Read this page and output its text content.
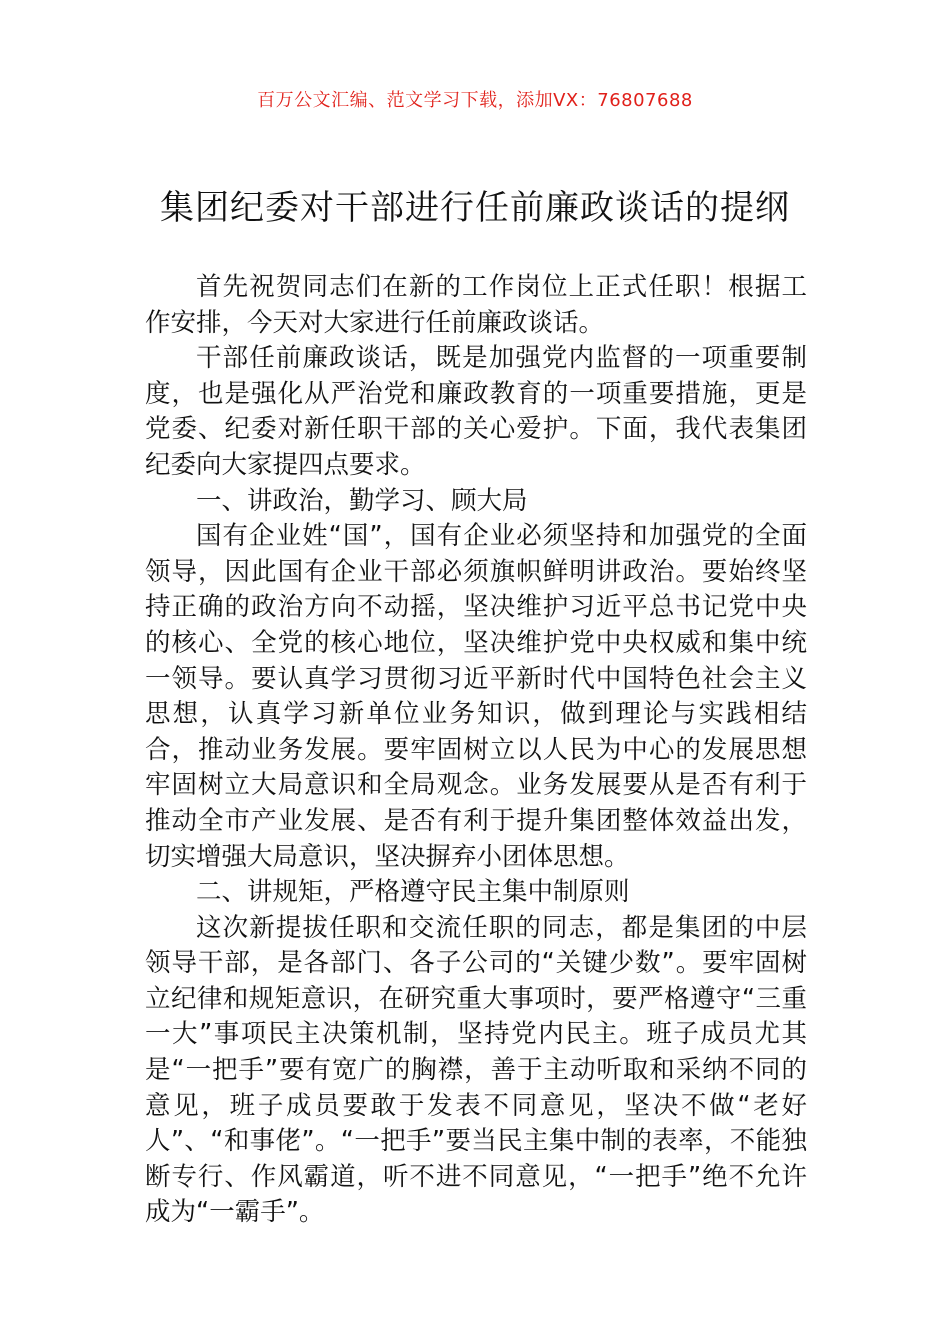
百万公文汇编、范文学习下载，添加VX：76807688
集团纪委对干部进行任前廉政谈话的提纲

首先祝贺同志们在新的工作岗位上正式任职！根据工作安排，今天对大家进行任前廉政谈话。

干部任前廉政谈话，既是加强党内监督的一项重要制度，也是强化从严治党和廉政教育的一项重要措施，更是党委、纪委对新任职干部的关心爱护。下面，我代表集团纪委向大家提四点要求。

一、讲政治，勤学习、顾大局

国有企业姓“国”，国有企业必须坚持和加强党的全面领导，因此国有企业干部必须旗帜鲜明讲政治。要始终坚持正确的政治方向不动摇，坚决维护习近平总书记党中央的核心、全党的核心地位，坚决维护党中央权威和集中统一领导。要认真学习贯彻习近平新时代中国特色社会主义思想，认真学习新单位业务知识，做到理论与实践相结合，推动业务发展。要牢固树立以人民为中心的发展思想牢固树立大局意识和全局观念。业务发展要从是否有利于推动全市产业发展、是否有利于提升集团整体效益出发，切实增强大局意识，坚决摒弃小团体思想。

二、讲规矩，严格遵守民主集中制原则

这次新提拔任职和交流任职的同志，都是集团的中层领导干部，是各部门、各子公司的“关键少数”。要牢固树立纪律和规矩意识，在研究重大事项时，要严格遵守“三重一大”事项民主决策机制，坚持党内民主。班子成员尤其是“一把手”要有宽广的胸襟，善于主动听取和采纳不同的意见，班子成员要敢于发表不同意见，坚决不做“老好人”、“和事佬”。“一把手”要当民主集中制的表率，不能独断专行、作风霸道，听不进不同意见，“一把手”绝不允许成为“一霸手”。
